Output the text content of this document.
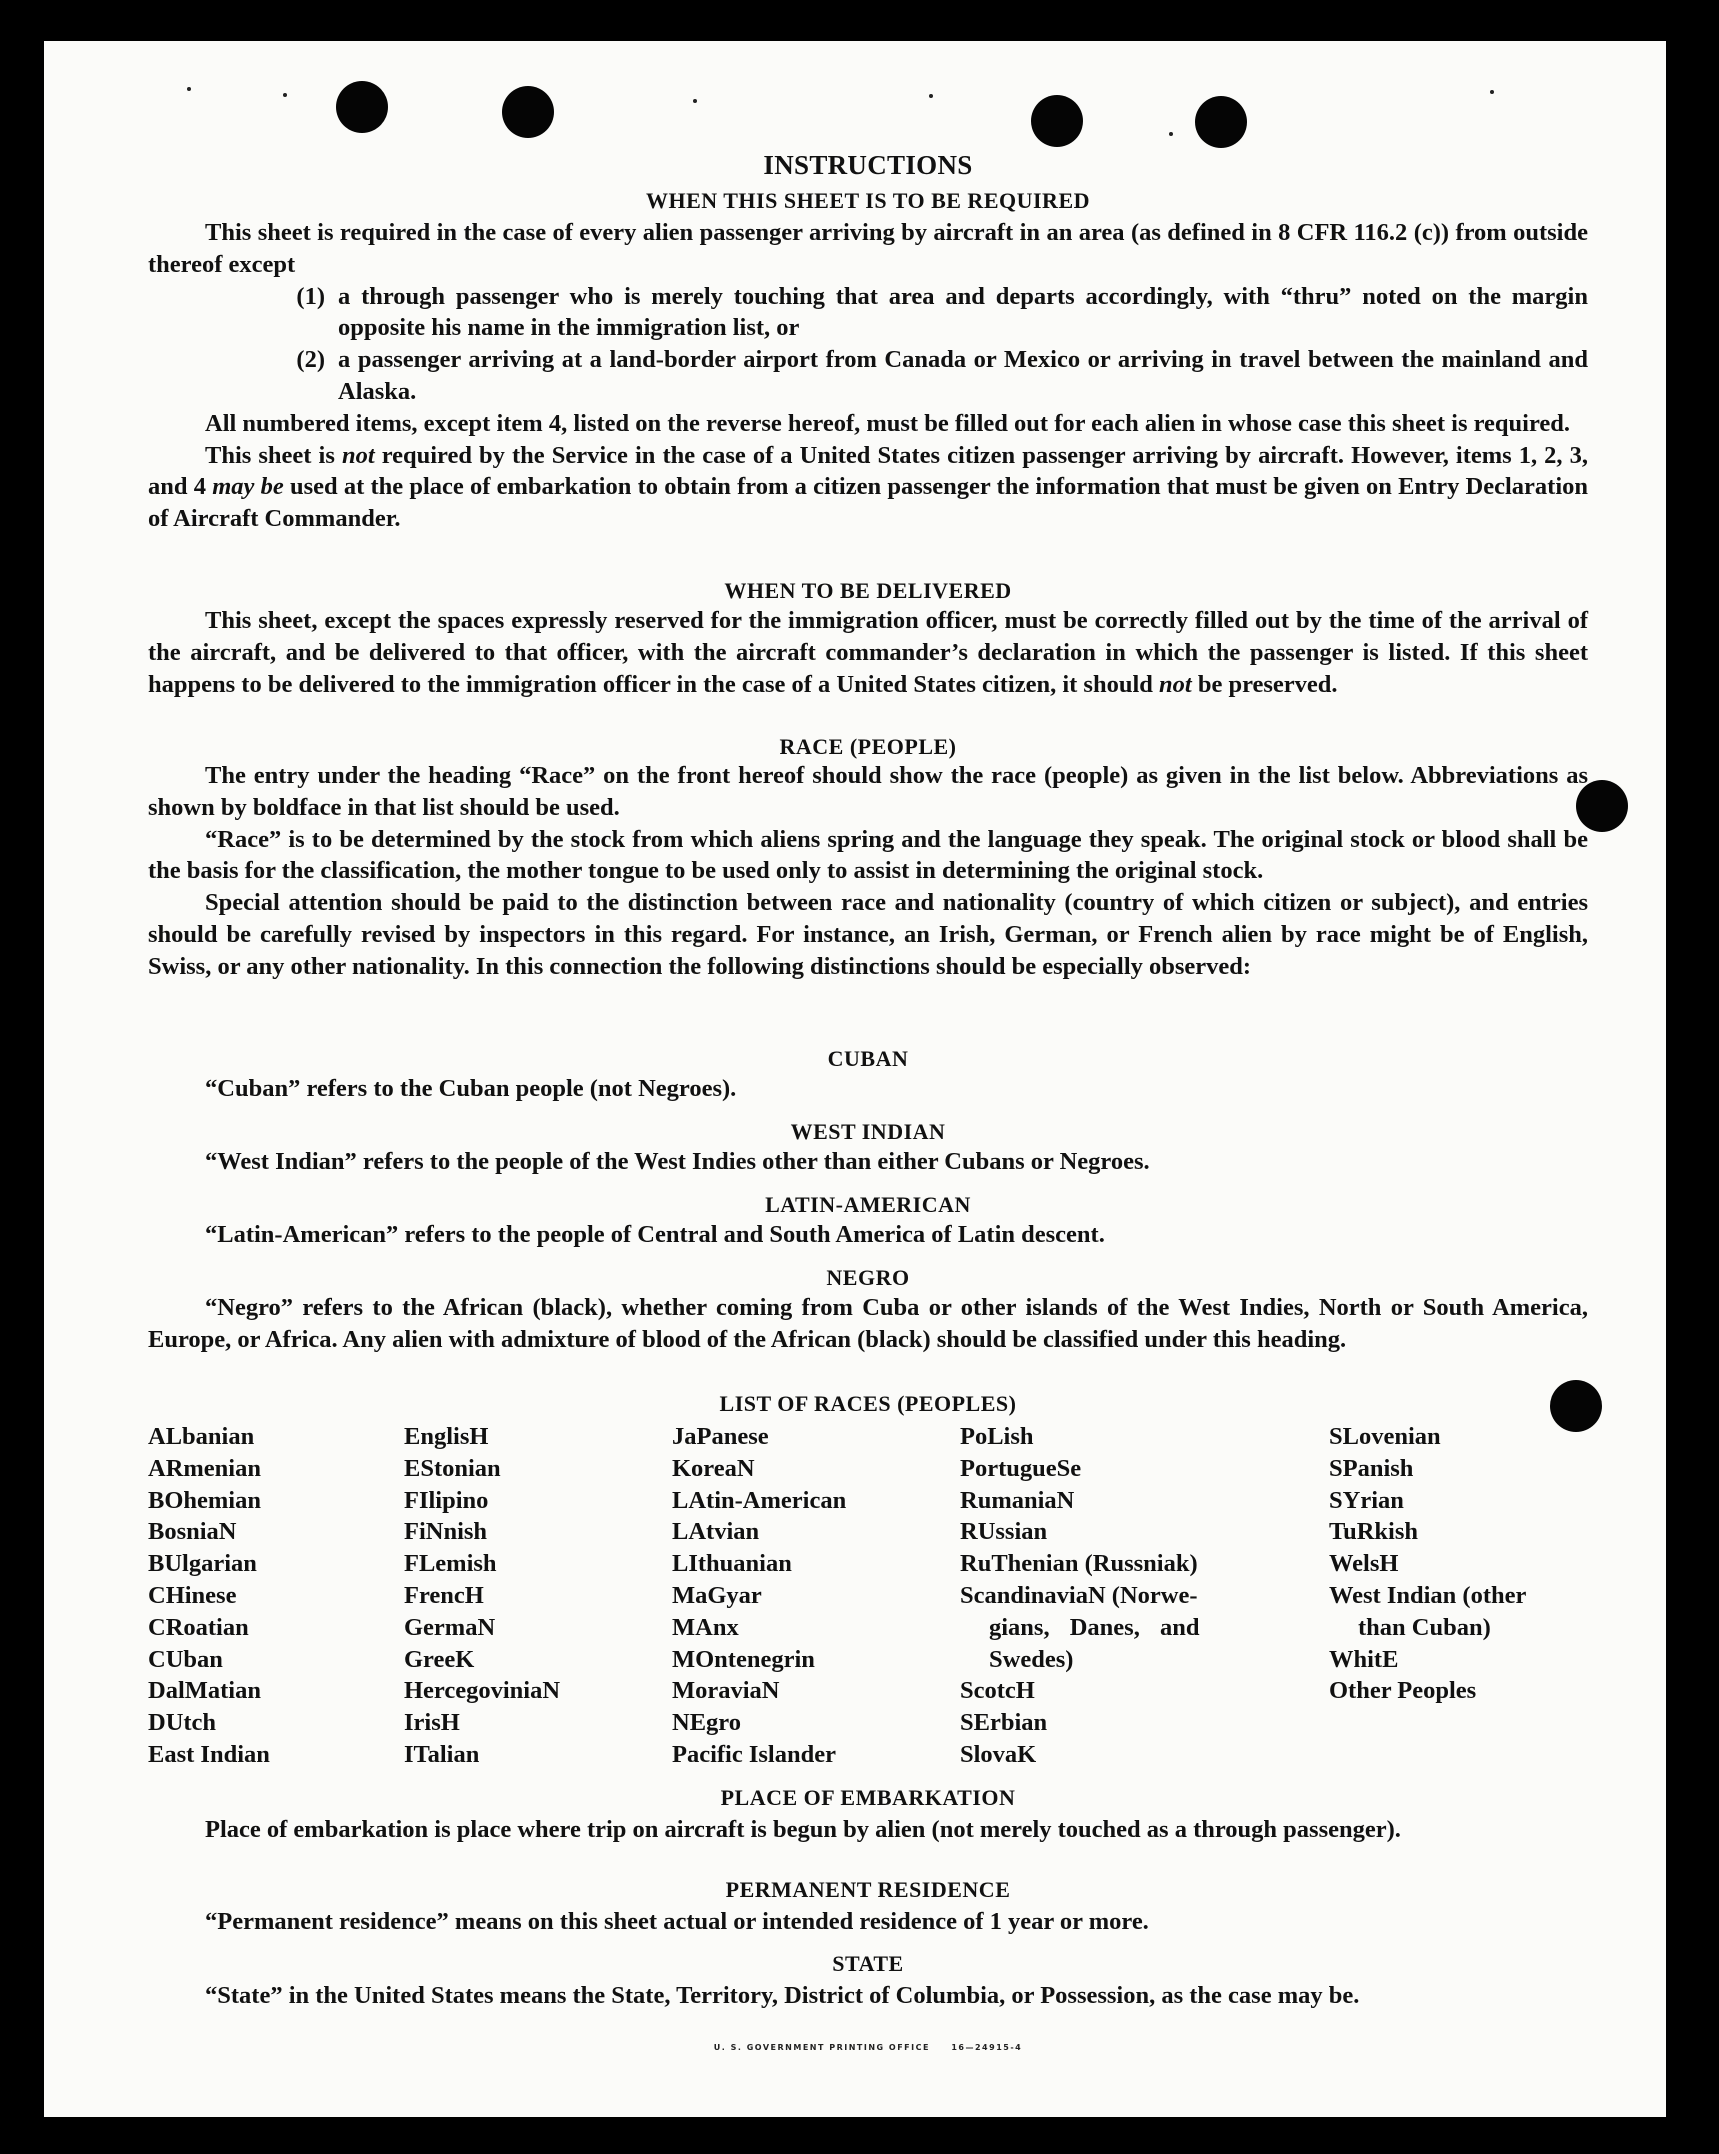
INSTRUCTIONS
WHEN THIS SHEET IS TO BE REQUIRED

This sheet is required in the case of every alien passenger arriving by aircraft in an area (as defined in 8 CFR 116.2 (c)) from outside thereof except

(1) a through passenger who is merely touching that area and departs accordingly, with “thru” noted on the margin opposite his name in the immigration list, or
(2) a passenger arriving at a land-border airport from Canada or Mexico or arriving in travel between the mainland and Alaska.

All numbered items, except item 4, listed on the reverse hereof, must be filled out for each alien in whose case this sheet is required.

This sheet is not required by the Service in the case of a United States citizen passenger arriving by aircraft. However, items 1, 2, 3, and 4 may be used at the place of embarkation to obtain from a citizen passenger the information that must be given on Entry Declaration of Aircraft Commander.

WHEN TO BE DELIVERED

This sheet, except the spaces expressly reserved for the immigration officer, must be correctly filled out by the time of the arrival of the aircraft, and be delivered to that officer, with the aircraft commander’s declaration in which the passenger is listed. If this sheet happens to be delivered to the immigration officer in the case of a United States citizen, it should not be preserved.

RACE (PEOPLE)

The entry under the heading “Race” on the front hereof should show the race (people) as given in the list below. Abbreviations as shown by boldface in that list should be used.

“Race” is to be determined by the stock from which aliens spring and the language they speak. The original stock or blood shall be the basis for the classification, the mother tongue to be used only to assist in determining the original stock.

Special attention should be paid to the distinction between race and nationality (country of which citizen or subject), and entries should be carefully revised by inspectors in this regard. For instance, an Irish, German, or French alien by race might be of English, Swiss, or any other nationality. In this connection the following distinctions should be especially observed:

CUBAN

“Cuban” refers to the Cuban people (not Negroes).

WEST INDIAN

“West Indian” refers to the people of the West Indies other than either Cubans or Negroes.

LATIN-AMERICAN

“Latin-American” refers to the people of Central and South America of Latin descent.

NEGRO

“Negro” refers to the African (black), whether coming from Cuba or other islands of the West Indies, North or South America, Europe, or Africa. Any alien with admixture of blood of the African (black) should be classified under this heading.

LIST OF RACES (PEOPLES)
ALbanian
ARmenian
BOhemian
BosniaN
BUlgarian
CHinese
CRoatian
CUban
DalMatian
DUtch
East Indian
EnglisH
EStonian
FIlipino
FiNnish
FLemish
FrencH
GermaN
GreeK
HercegoviniaN
IrisH
ITalian
JaPanese
KoreaN
LAtin-American
LAtvian
LIthuanian
MaGyar
MAnx
MOntenegrin
MoraviaN
NEgro
Pacific Islander
PoLish
PortugueSe
RumaniaN
RUssian
RuThenian (Russniak)
ScandinaviaN (Norwe-
gians, Danes, and
Swedes)
ScotcH
SErbian
SlovaK
SLovenian
SPanish
SYrian
TuRkish
WelsH
West Indian (other
than Cuban)
WhitE
Other Peoples
PLACE OF EMBARKATION

Place of embarkation is place where trip on aircraft is begun by alien (not merely touched as a through passenger).

PERMANENT RESIDENCE

“Permanent residence” means on this sheet actual or intended residence of 1 year or more.

STATE

“State” in the United States means the State, Territory, District of Columbia, or Possession, as the case may be.

U. S. GOVERNMENT PRINTING OFFICE     16—24915-4
